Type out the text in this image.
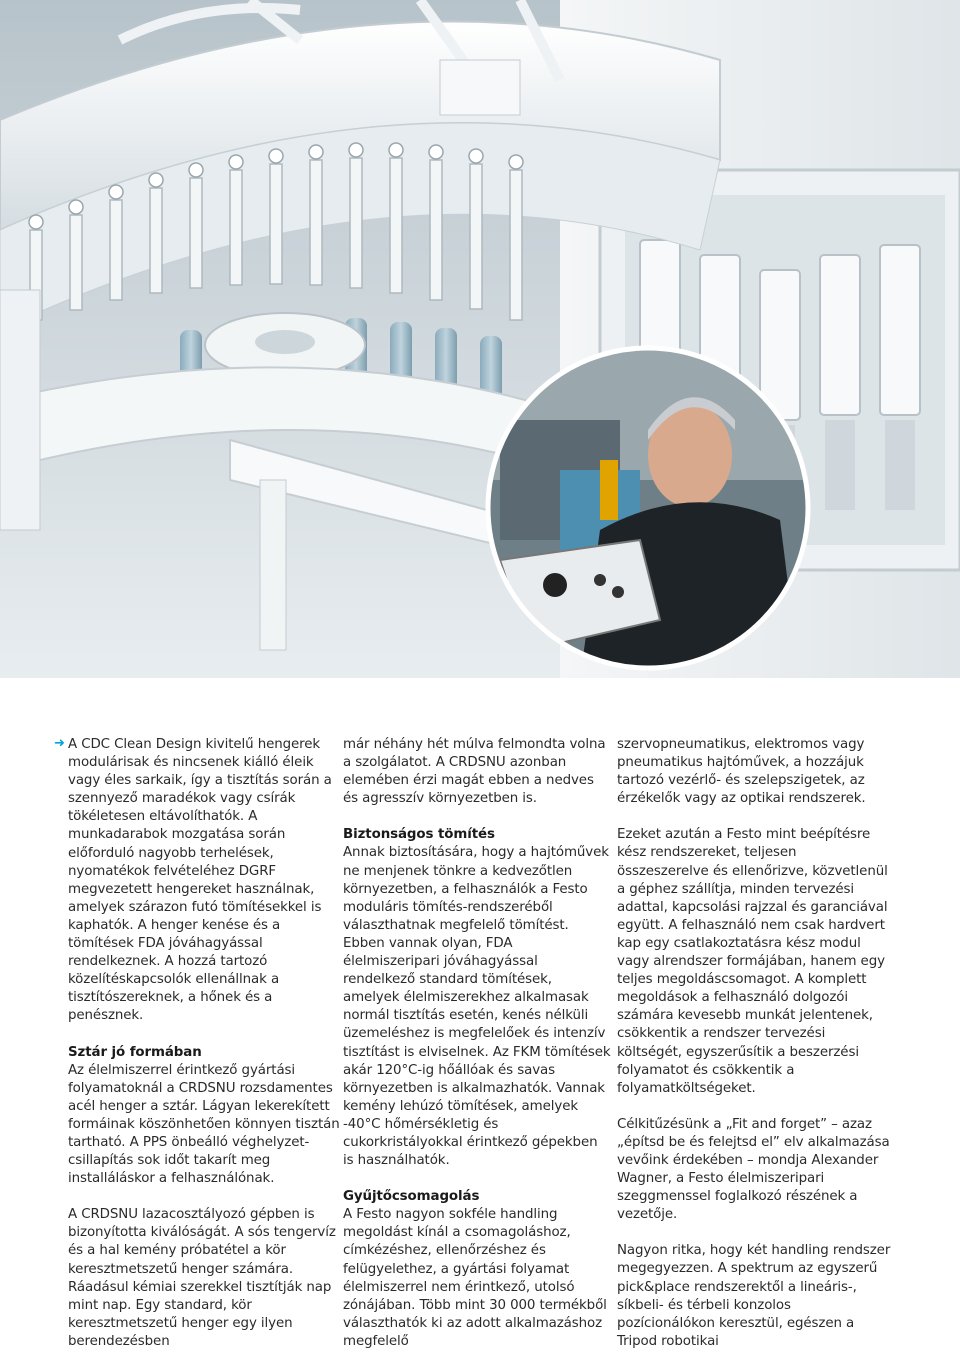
➜ A CDC Clean Design kivitelű hengerek modulárisak és nincsenek kiálló éleik vagy éles sarkaik, így a tisztítás során a szennyező maradékok vagy csírák tökéletesen eltávolíthatók. A munkadarabok mozgatása során előforduló nagyobb terhelések, nyomatékok felvételéhez DGRF megvezetett hengereket használnak, amelyek szárazon futó tömítésekkel is kaphatók. A henger kenése és a tömítések FDA jóváhagyással rendelkeznek. A hozzá tartozó közelítéskapcsolók ellenállnak a tisztítószereknek, a hőnek és a penésznek.

Sztár jó formában

Az élelmiszerrel érintkező gyártási folyamatoknál a CRDSNU rozsdamentes acél henger a sztár. Lágyan lekerekített formáinak köszönhetően könnyen tisztán tartható. A PPS önbeálló véghelyzet-csillapítás sok időt takarít meg installáláskor a felhasználónak.

A CRDSNU lazacosztályozó gépben is bizonyította kiválóságát. A sós tengervíz és a hal kemény próbatétel a kör keresztmetszetű henger számára. Ráadásul kémiai szerekkel tisztítják nap mint nap. Egy standard, kör keresztmetszetű henger egy ilyen berendezésben

már néhány hét múlva felmondta volna a szolgálatot. A CRDSNU azonban elemében érzi magát ebben a nedves és agresszív környezetben is.

Biztonságos tömítés

Annak biztosítására, hogy a hajtóművek ne menjenek tönkre a kedvezőtlen környezetben, a felhasználók a Festo moduláris tömítés-rendszeréből választhatnak megfelelő tömítést. Ebben vannak olyan, FDA élelmiszeripari jóváhagyással rendelkező standard tömítések, amelyek élelmiszerekhez alkalmasak normál tisztítás esetén, kenés nélküli üzemeléshez is megfelelőek és intenzív tisztítást is elviselnek. Az FKM tömítések akár 120°C-ig hőállóak és savas környezetben is alkalmazhatók. Vannak kemény lehúzó tömítések, amelyek -40°C hőmérsékletig és cukorkristályokkal érintkező gépekben is használhatók.

Gyűjtőcsomagolás

A Festo nagyon sokféle handling megoldást kínál a csomagoláshoz, címkézéshez, ellenőrzéshez és felügyelethez, a gyártási folyamat élelmiszerrel nem érintkező, utolsó zónájában. Több mint 30 000 termékből választhatók ki az adott alkalmazáshoz megfelelő

szervopneumatikus, elektromos vagy pneumatikus hajtóművek, a hozzájuk tartozó vezérlő- és szelepszigetek, az érzékelők vagy az optikai rendszerek.

Ezeket azután a Festo mint beépítésre kész rendszereket, teljesen összeszerelve és ellenőrizve, közvetlenül a géphez szállítja, minden tervezési adattal, kapcsolási rajzzal és garanciával együtt. A felhasználó nem csak hardvert kap egy csatlakoztatásra kész modul vagy alrendszer formájában, hanem egy teljes megoldáscsomagot. A komplett megoldások a felhasználó dolgozói számára kevesebb munkát jelentenek, csökkentik a rendszer tervezési költségét, egyszerűsítik a beszerzési folyamatot és csökkentik a folyamatköltségeket.

Célkitűzésünk a „Fit and forget” – azaz „építsd be és felejtsd el” elv alkalmazása vevőink érdekében – mondja Alexander Wagner, a Festo élelmiszeripari szeggmenssel foglalkozó részének a vezetője.

Nagyon ritka, hogy két handling rendszer megegyezzen. A spektrum az egyszerű pick&place rendszerektől a lineáris-, síkbeli- és térbeli konzolos pozícionálókon keresztül, egészen a Tripod robotikai
